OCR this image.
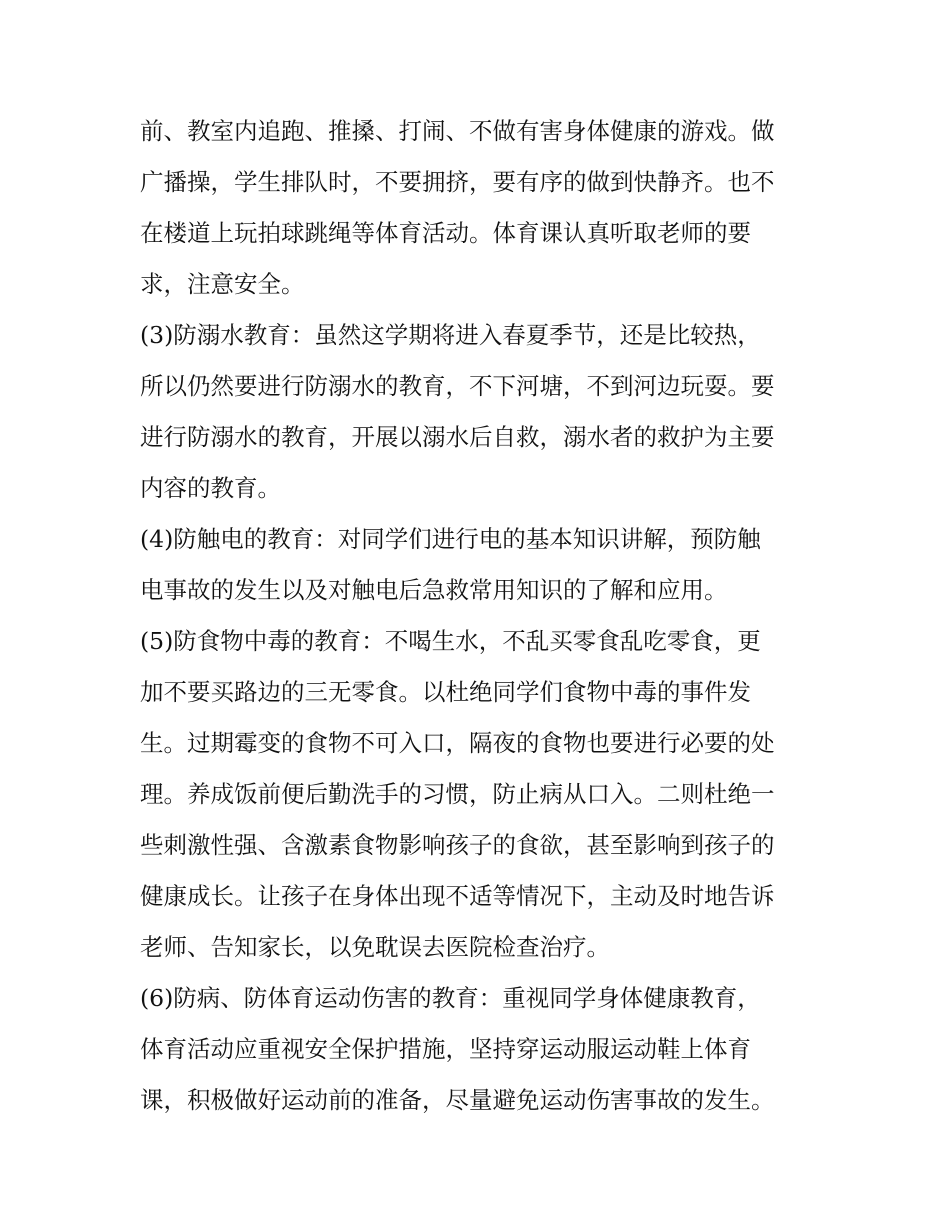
前、教室内追跑、推搡、打闹、不做有害身体健康的游戏。做
广播操，学生排队时，不要拥挤，要有序的做到快静齐。也不
在楼道上玩拍球跳绳等体育活动。体育课认真听取老师的要
求，注意安全。
(3)防溺水教育：虽然这学期将进入春夏季节，还是比较热，
所以仍然要进行防溺水的教育，不下河塘，不到河边玩耍。要
进行防溺水的教育，开展以溺水后自救，溺水者的救护为主要
内容的教育。
(4)防触电的教育：对同学们进行电的基本知识讲解，预防触
电事故的发生以及对触电后急救常用知识的了解和应用。
(5)防食物中毒的教育：不喝生水，不乱买零食乱吃零食，更
加不要买路边的三无零食。以杜绝同学们食物中毒的事件发
生。过期霉变的食物不可入口，隔夜的食物也要进行必要的处
理。养成饭前便后勤洗手的习惯，防止病从口入。二则杜绝一
些刺激性强、含激素食物影响孩子的食欲，甚至影响到孩子的
健康成长。让孩子在身体出现不适等情况下，主动及时地告诉
老师、告知家长，以免耽误去医院检查治疗。
(6)防病、防体育运动伤害的教育：重视同学身体健康教育，
体育活动应重视安全保护措施，坚持穿运动服运动鞋上体育
课，积极做好运动前的准备，尽量避免运动伤害事故的发生。
